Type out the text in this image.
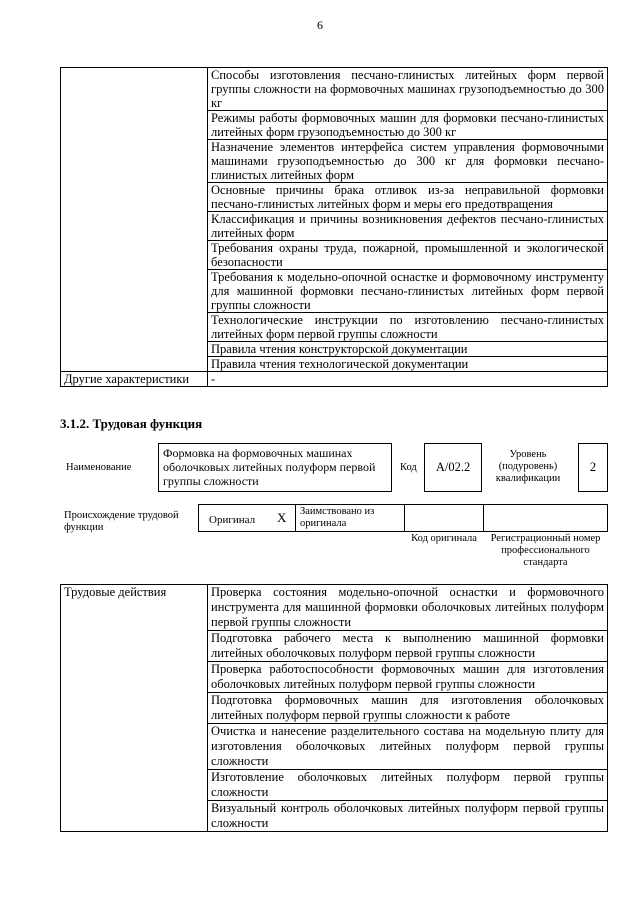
6
	Способы изготовления песчано-глинистых литейных форм первой группы сложности на формовочных машинах грузоподъемностью до 300 кг
	Режимы работы формовочных машин для формовки песчано-глинистых литейных форм грузоподъемностью до 300 кг
	Назначение элементов интерфейса систем управления формовочными машинами грузоподъемностью до 300 кг для формовки песчано-глинистых литейных форм
	Основные причины брака отливок из-за неправильной формовки песчано-глинистых литейных форм и меры его предотвращения
	Классификация и причины возникновения дефектов песчано-глинистых литейных форм
	Требования охраны труда, пожарной, промышленной и экологической безопасности
	Требования к модельно-опочной оснастке и формовочному инструменту для машинной формовки песчано-глинистых литейных форм первой группы сложности
	Технологические инструкции по изготовлению песчано-глинистых литейных форм первой группы сложности
	Правила чтения конструкторской документации
	Правила чтения технологической документации
Другие характеристики	-
3.1.2. Трудовая функция
Наименование
Формовка на формовочных машинах оболочковых литейных полуформ первой группы сложности
Код	A/02.2
Уровень (подуровень) квалификации
2
Происхождение трудовой функции
Оригинал X	Заимствовано из оригинала
Код оригинала	Регистрационный номер профессионального стандарта
Трудовые действия	Проверка состояния модельно-опочной оснастки и формовочного инструмента для машинной формовки оболочковых литейных полуформ первой группы сложности
Подготовка рабочего места к выполнению машинной формовки литейных оболочковых полуформ первой группы сложности
Проверка работоспособности формовочных машин для изготовления оболочковых литейных полуформ первой группы сложности
Подготовка формовочных машин для изготовления оболочковых литейных полуформ первой группы сложности к работе
Очистка и нанесение разделительного состава на модельную плиту для изготовления оболочковых литейных полуформ первой группы сложности
Изготовление оболочковых литейных полуформ первой группы сложности
Визуальный контроль оболочковых литейных полуформ первой группы сложности
